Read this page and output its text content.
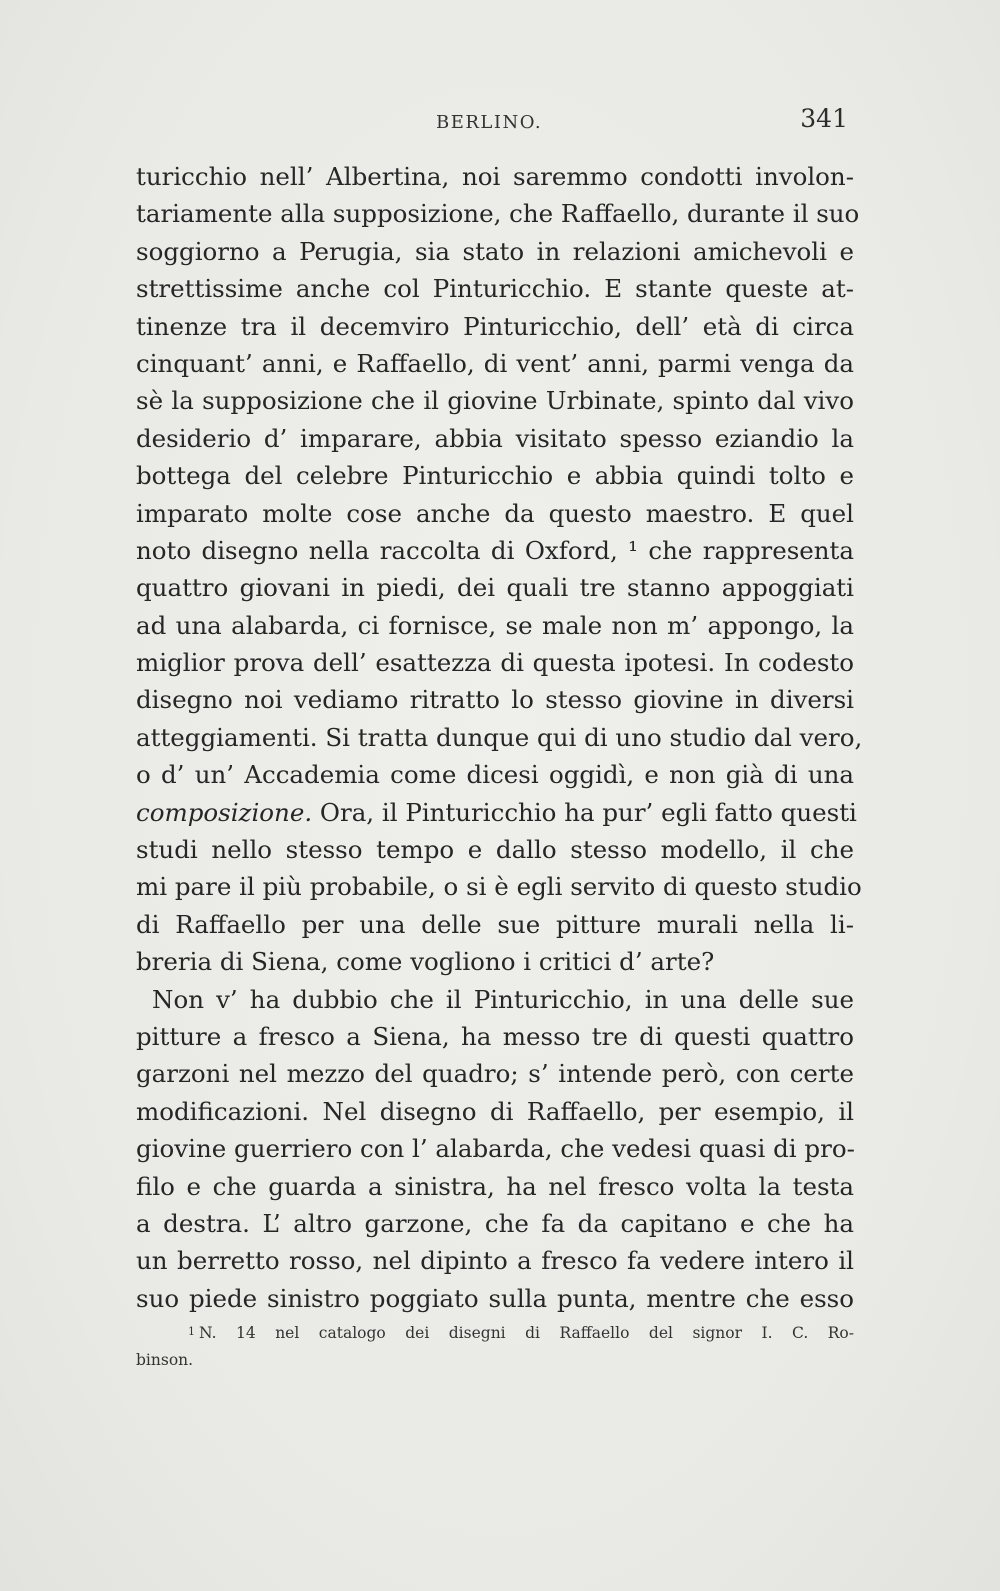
BERLINO.	341
turicchio nell’ Albertina, noi saremmo condotti involon-
tariamente alla supposizione, che Raffaello, durante il suo
soggiorno a Perugia, sia stato in relazioni amichevoli e
strettissime anche col Pinturicchio. E stante queste at-
tinenze tra il decemviro Pinturicchio, dell’ età di circa
cinquant’ anni, e Raffaello, di vent’ anni, parmi venga da
sè la supposizione che il giovine Urbinate, spinto dal vivo
desiderio d’ imparare, abbia visitato spesso eziandio la
bottega del celebre Pinturicchio e abbia quindi tolto e
imparato molte cose anche da questo maestro. E quel
noto disegno nella raccolta di Oxford, ¹ che rappresenta
quattro giovani in piedi, dei quali tre stanno appoggiati
ad una alabarda, ci fornisce, se male non m’ appongo, la
miglior prova dell’ esattezza di questa ipotesi. In codesto
disegno noi vediamo ritratto lo stesso giovine in diversi
atteggiamenti. Si tratta dunque qui di uno studio dal vero,
o d’ un’ Accademia come dicesi oggidì, e non già di una
composizione. Ora, il Pinturicchio ha pur’ egli fatto questi
studi nello stesso tempo e dallo stesso modello, il che
mi pare il più probabile, o si è egli servito di questo studio
di Raffaello per una delle sue pitture murali nella li-
breria di Siena, come vogliono i critici d’ arte?
Non v’ ha dubbio che il Pinturicchio, in una delle sue
pitture a fresco a Siena, ha messo tre di questi quattro
garzoni nel mezzo del quadro; s’ intende però, con certe
modificazioni. Nel disegno di Raffaello, per esempio, il
giovine guerriero con l’ alabarda, che vedesi quasi di pro-
filo e che guarda a sinistra, ha nel fresco volta la testa
a destra. L’ altro garzone, che fa da capitano e che ha
un berretto rosso, nel dipinto a fresco fa vedere intero il
suo piede sinistro poggiato sulla punta, mentre che esso
1 N. 14 nel catalogo dei disegni di Raffaello del signor I. C. Ro-
binson.
